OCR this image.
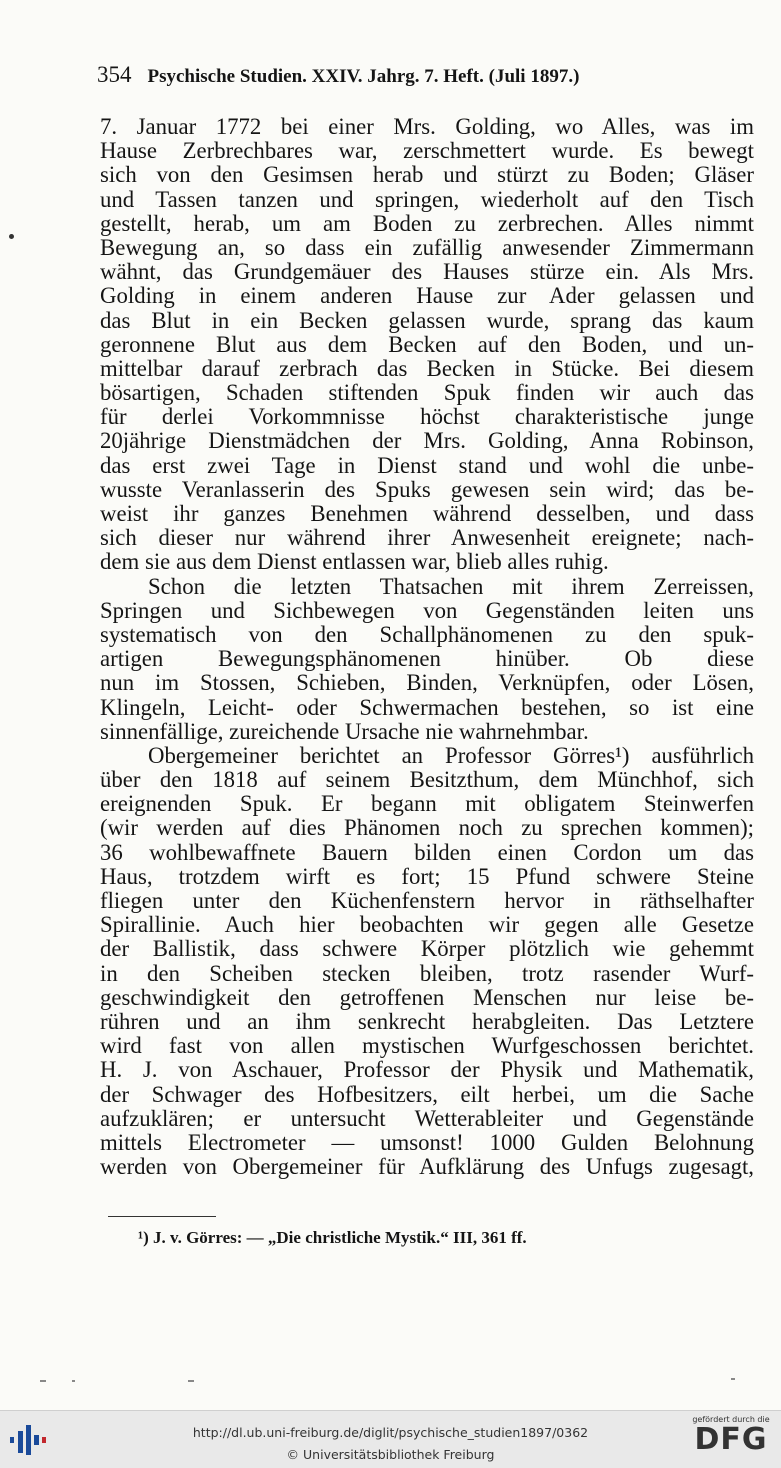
354 Psychische Studien. XXIV. Jahrg. 7. Heft. (Juli 1897.)
7. Januar 1772 bei einer Mrs. Golding, wo Alles, was im
Hause Zerbrechbares war, zerschmettert wurde. Es bewegt
sich von den Gesimsen herab und stürzt zu Boden; Gläser
und Tassen tanzen und springen, wiederholt auf den Tisch
gestellt, herab, um am Boden zu zerbrechen. Alles nimmt
Bewegung an, so dass ein zufällig anwesender Zimmermann
wähnt, das Grundgemäuer des Hauses stürze ein. Als Mrs.
Golding in einem anderen Hause zur Ader gelassen und
das Blut in ein Becken gelassen wurde, sprang das kaum
geronnene Blut aus dem Becken auf den Boden, und un-
mittelbar darauf zerbrach das Becken in Stücke. Bei diesem
bösartigen, Schaden stiftenden Spuk finden wir auch das
für derlei Vorkommnisse höchst charakteristische junge
20jährige Dienstmädchen der Mrs. Golding, Anna Robinson,
das erst zwei Tage in Dienst stand und wohl die unbe-
wusste Veranlasserin des Spuks gewesen sein wird; das be-
weist ihr ganzes Benehmen während desselben, und dass
sich dieser nur während ihrer Anwesenheit ereignete; nach-
dem sie aus dem Dienst entlassen war, blieb alles ruhig.
Schon die letzten Thatsachen mit ihrem Zerreissen,
Springen und Sichbewegen von Gegenständen leiten uns
systematisch von den Schallphänomenen zu den spuk-
artigen Bewegungsphänomenen hinüber. Ob diese
nun im Stossen, Schieben, Binden, Verknüpfen, oder Lösen,
Klingeln, Leicht- oder Schwermachen bestehen, so ist eine
sinnenfällige, zureichende Ursache nie wahrnehmbar.
Obergemeiner berichtet an Professor Görres¹) ausführlich
über den 1818 auf seinem Besitzthum, dem Münchhof, sich
ereignenden Spuk. Er begann mit obligatem Steinwerfen
(wir werden auf dies Phänomen noch zu sprechen kommen);
36 wohlbewaffnete Bauern bilden einen Cordon um das
Haus, trotzdem wirft es fort; 15 Pfund schwere Steine
fliegen unter den Küchenfenstern hervor in räthselhafter
Spirallinie. Auch hier beobachten wir gegen alle Gesetze
der Ballistik, dass schwere Körper plötzlich wie gehemmt
in den Scheiben stecken bleiben, trotz rasender Wurf-
geschwindigkeit den getroffenen Menschen nur leise be-
rühren und an ihm senkrecht herabgleiten. Das Letztere
wird fast von allen mystischen Wurfgeschossen berichtet.
H. J. von Aschauer, Professor der Physik und Mathematik,
der Schwager des Hofbesitzers, eilt herbei, um die Sache
aufzuklären; er untersucht Wetterableiter und Gegenstände
mittels Electrometer — umsonst! 1000 Gulden Belohnung
werden von Obergemeiner für Aufklärung des Unfugs zugesagt,
¹) J. v. Görres: — „Die christliche Mystik.“ III, 361 ff.
http://dl.ub.uni-freiburg.de/diglit/psychische_studien1897/0362
© Universitätsbibliothek Freiburg
gefördert durch die
DFG
